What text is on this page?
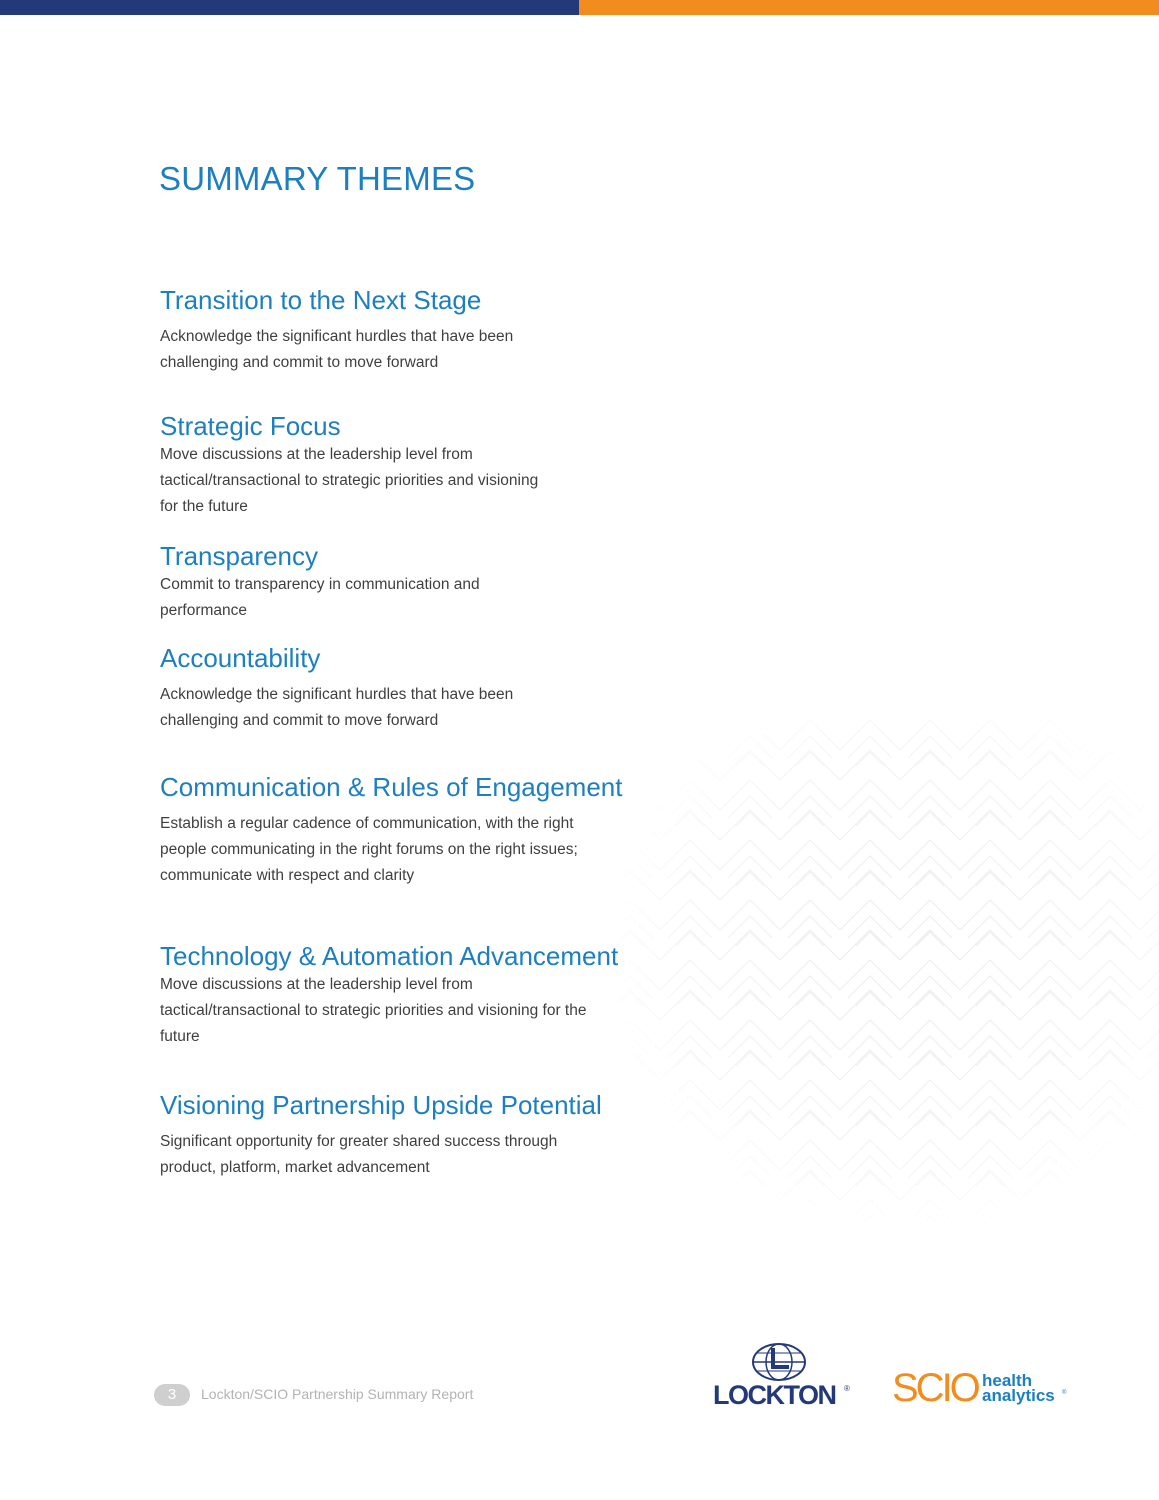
SUMMARY THEMES
Transition to the Next Stage

Acknowledge the significant hurdles that have been
challenging and commit to move forward

Strategic Focus

Move discussions at the leadership level from
tactical/transactional to strategic priorities and visioning
for the future

Transparency

Commit to transparency in communication and
performance

Accountability

Acknowledge the significant hurdles that have been
challenging and commit to move forward

Communication & Rules of Engagement

Establish a regular cadence of communication, with the right
people communicating in the right forums on the right issues;
communicate with respect and clarity

Technology & Automation Advancement

Move discussions at the leadership level from
tactical/transactional to strategic priorities and visioning for the
future

Visioning Partnership Upside Potential

Significant opportunity for greater shared success through
product, platform, market advancement

3	Lockton/SCIO Partnership Summary Report	LOCKTON ® SCIO health
analytics ®
